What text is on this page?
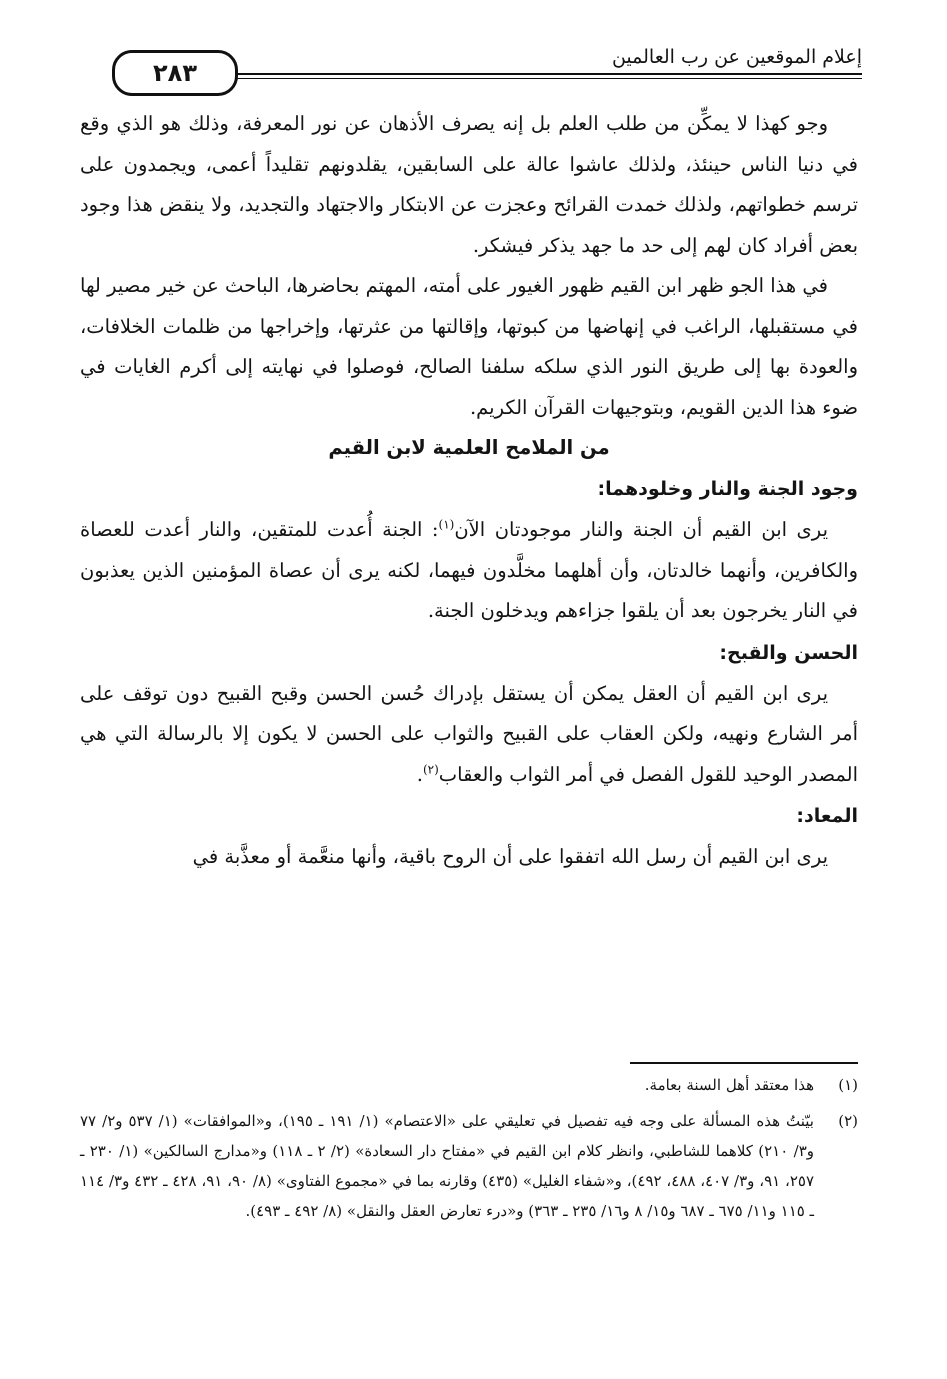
إعلام الموقعين عن رب العالمين
٢٨٣

وجو كهذا لا يمكِّن من طلب العلم بل إنه يصرف الأذهان عن نور المعرفة، وذلك هو الذي وقع في دنيا الناس حينئذ، ولذلك عاشوا عالة على السابقين، يقلدونهم تقليداً أعمى، ويجمدون على ترسم خطواتهم، ولذلك خمدت القرائح وعجزت عن الابتكار والاجتهاد والتجديد، ولا ينقض هذا وجود بعض أفراد كان لهم إلى حد ما جهد يذكر فيشكر.

في هذا الجو ظهر ابن القيم ظهور الغيور على أمته، المهتم بحاضرها، الباحث عن خير مصير لها في مستقبلها، الراغب في إنهاضها من كبوتها، وإقالتها من عثرتها، وإخراجها من ظلمات الخلافات، والعودة بها إلى طريق النور الذي سلكه سلفنا الصالح، فوصلوا في نهايته إلى أكرم الغايات في ضوء هذا الدين القويم، وبتوجيهات القرآن الكريم.

من الملامح العلمية لابن القيم
وجود الجنة والنار وخلودهما:

يرى ابن القيم أن الجنة والنار موجودتان الآن$^{(١)}$: الجنة أُعدت للمتقين، والنار أعدت للعصاة والكافرين، وأنهما خالدتان، وأن أهلهما مخلَّدون فيهما، لكنه يرى أن عصاة المؤمنين الذين يعذبون في النار يخرجون بعد أن يلقوا جزاءهم ويدخلون الجنة.

الحسن والقبح:

يرى ابن القيم أن العقل يمكن أن يستقل بإدراك حُسن الحسن وقبح القبيح دون توقف على أمر الشارع ونهيه، ولكن العقاب على القبيح والثواب على الحسن لا يكون إلا بالرسالة التي هي المصدر الوحيد للقول الفصل في أمر الثواب والعقاب$^{(٢)}$.

المعاد:

يرى ابن القيم أن رسل الله اتفقوا على أن الروح باقية، وأنها منعَّمة أو معذَّبة في

(١)
هذا معتقد أهل السنة بعامة.
(٢)
بيّنتُ هذه المسألة على وجه فيه تفصيل في تعليقي على «الاعتصام» (١/ ١٩١ ـ ١٩٥)، و«الموافقات» (١/ ٥٣٧ و٢/ ٧٧ و٣/ ٢١٠) كلاهما للشاطبي، وانظر كلام ابن القيم في «مفتاح دار السعادة» (٢/ ٢ ـ ١١٨) و«مدارج السالكين» (١/ ٢٣٠ ـ ٢٥٧، ٩١، و٣/ ٤٠٧، ٤٨٨، ٤٩٢)، و«شفاء الغليل» (٤٣٥) وقارنه بما في «مجموع الفتاوى» (٨/ ٩٠، ٩١، ٤٢٨ ـ ٤٣٢ و٣/ ١١٤ ـ ١١٥ و١١/ ٦٧٥ ـ ٦٨٧ و١٥/ ٨ و١٦/ ٢٣٥ ـ ٣٦٣) و«درء تعارض العقل والنقل» (٨/ ٤٩٢ ـ ٤٩٣).
